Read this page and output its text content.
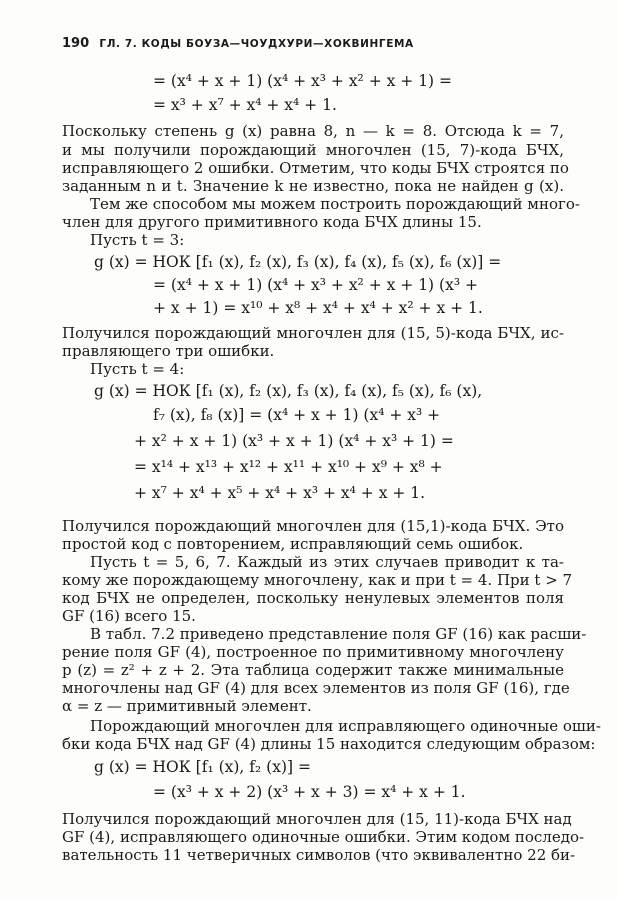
190 ГЛ. 7. КОДЫ БОУЗА—ЧОУДХУРИ—ХОКВИНГЕМА
= (x⁴ + x + 1) (x⁴ + x³ + x² + x + 1) =
= x³ + x⁷ + x⁴ + x⁴ + 1.
Поскольку степень g (x) равна 8, n — k = 8. Отсюда k = 7,
и мы получили порождающий многочлен (15, 7)-кода БЧХ,
исправляющего 2 ошибки. Отметим, что коды БЧХ строятся по
заданным n и t. Значение k не известно, пока не найден g (x).
Тем же способом мы можем построить порождающий много-
член для другого примитивного кода БЧХ длины 15.
Пусть t = 3:
g (x) = НОК [f₁ (x), f₂ (x), f₃ (x), f₄ (x), f₅ (x), f₆ (x)] =
= (x⁴ + x + 1) (x⁴ + x³ + x² + x + 1) (x³ +
+ x + 1) = x¹⁰ + x⁸ + x⁴ + x⁴ + x² + x + 1.
Получился порождающий многочлен для (15, 5)-кода БЧХ, ис-
правляющего три ошибки.
Пусть t = 4:
g (x) = НОК [f₁ (x), f₂ (x), f₃ (x), f₄ (x), f₅ (x), f₆ (x),
f₇ (x), f₈ (x)] = (x⁴ + x + 1) (x⁴ + x³ +
+ x² + x + 1) (x³ + x + 1) (x⁴ + x³ + 1) =
= x¹⁴ + x¹³ + x¹² + x¹¹ + x¹⁰ + x⁹ + x⁸ +
+ x⁷ + x⁴ + x⁵ + x⁴ + x³ + x⁴ + x + 1.
Получился порождающий многочлен для (15,1)-кода БЧХ. Это
простой код с повторением, исправляющий семь ошибок.
Пусть t = 5, 6, 7. Каждый из этих случаев приводит к та-
кому же порождающему многочлену, как и при t = 4. При t > 7
код БЧХ не определен, поскольку ненулевых элементов поля
GF (16) всего 15.
В табл. 7.2 приведено представление поля GF (16) как расши-
рение поля GF (4), построенное по примитивному многочлену
p (z) = z² + z + 2. Эта таблица содержит также минимальные
многочлены над GF (4) для всех элементов из поля GF (16), где
α = z — примитивный элемент.
Порождающий многочлен для исправляющего одиночные оши-
бки кода БЧХ над GF (4) длины 15 находится следующим образом:
g (x) = НОК [f₁ (x), f₂ (x)] =
= (x³ + x + 2) (x³ + x + 3) = x⁴ + x + 1.
Получился порождающий многочлен для (15, 11)-кода БЧХ над
GF (4), исправляющего одиночные ошибки. Этим кодом последо-
вательность 11 четверичных символов (что эквивалентно 22 би-
